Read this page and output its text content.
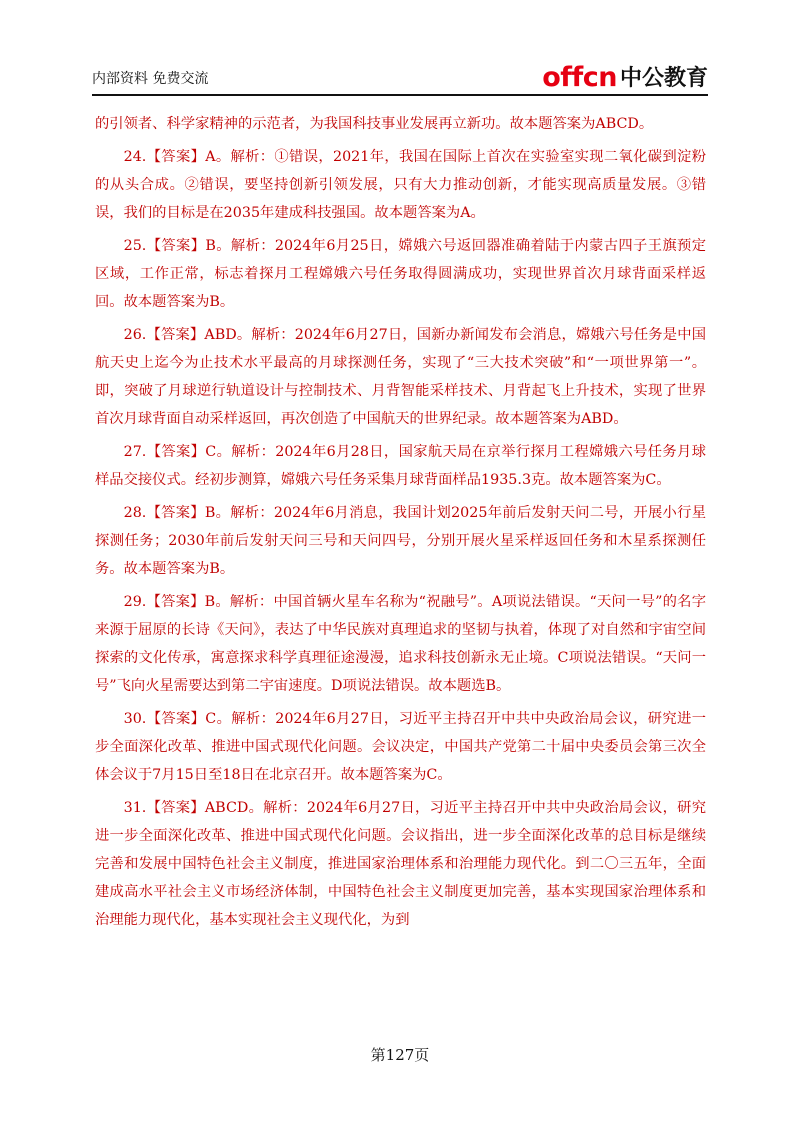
内部资料 免费交流	offcn 中公教育

的引领者、科学家精神的示范者，为我国科技事业发展再立新功。故本题答案为ABCD。

24.【答案】A。解析：①错误，2021年，我国在国际上首次在实验室实现二氧化碳到淀粉的从头合成。②错误，要坚持创新引领发展，只有大力推动创新，才能实现高质量发展。③错误，我们的目标是在2035年建成科技强国。故本题答案为A。

25.【答案】B。解析：2024年6月25日，嫦娥六号返回器准确着陆于内蒙古四子王旗预定区域，工作正常，标志着探月工程嫦娥六号任务取得圆满成功，实现世界首次月球背面采样返回。故本题答案为B。

26.【答案】ABD。解析：2024年6月27日，国新办新闻发布会消息，嫦娥六号任务是中国航天史上迄今为止技术水平最高的月球探测任务，实现了“三大技术突破”和“一项世界第一”。即，突破了月球逆行轨道设计与控制技术、月背智能采样技术、月背起飞上升技术，实现了世界首次月球背面自动采样返回，再次创造了中国航天的世界纪录。故本题答案为ABD。

27.【答案】C。解析：2024年6月28日，国家航天局在京举行探月工程嫦娥六号任务月球样品交接仪式。经初步测算，嫦娥六号任务采集月球背面样品1935.3克。故本题答案为C。

28.【答案】B。解析：2024年6月消息，我国计划2025年前后发射天问二号，开展小行星探测任务；2030年前后发射天问三号和天问四号，分别开展火星采样返回任务和木星系探测任务。故本题答案为B。

29.【答案】B。解析：中国首辆火星车名称为“祝融号”。A项说法错误。“天问一号”的名字来源于屈原的长诗《天问》，表达了中华民族对真理追求的坚韧与执着，体现了对自然和宇宙空间探索的文化传承，寓意探求科学真理征途漫漫，追求科技创新永无止境。C项说法错误。“天问一号”飞向火星需要达到第二宇宙速度。D项说法错误。故本题选B。

30.【答案】C。解析：2024年6月27日，习近平主持召开中共中央政治局会议，研究进一步全面深化改革、推进中国式现代化问题。会议决定，中国共产党第二十届中央委员会第三次全体会议于7月15日至18日在北京召开。故本题答案为C。

31.【答案】ABCD。解析：2024年6月27日，习近平主持召开中共中央政治局会议，研究进一步全面深化改革、推进中国式现代化问题。会议指出，进一步全面深化改革的总目标是继续完善和发展中国特色社会主义制度，推进国家治理体系和治理能力现代化。到二〇三五年，全面建成高水平社会主义市场经济体制，中国特色社会主义制度更加完善，基本实现国家治理体系和治理能力现代化，基本实现社会主义现代化，为到

第127页
